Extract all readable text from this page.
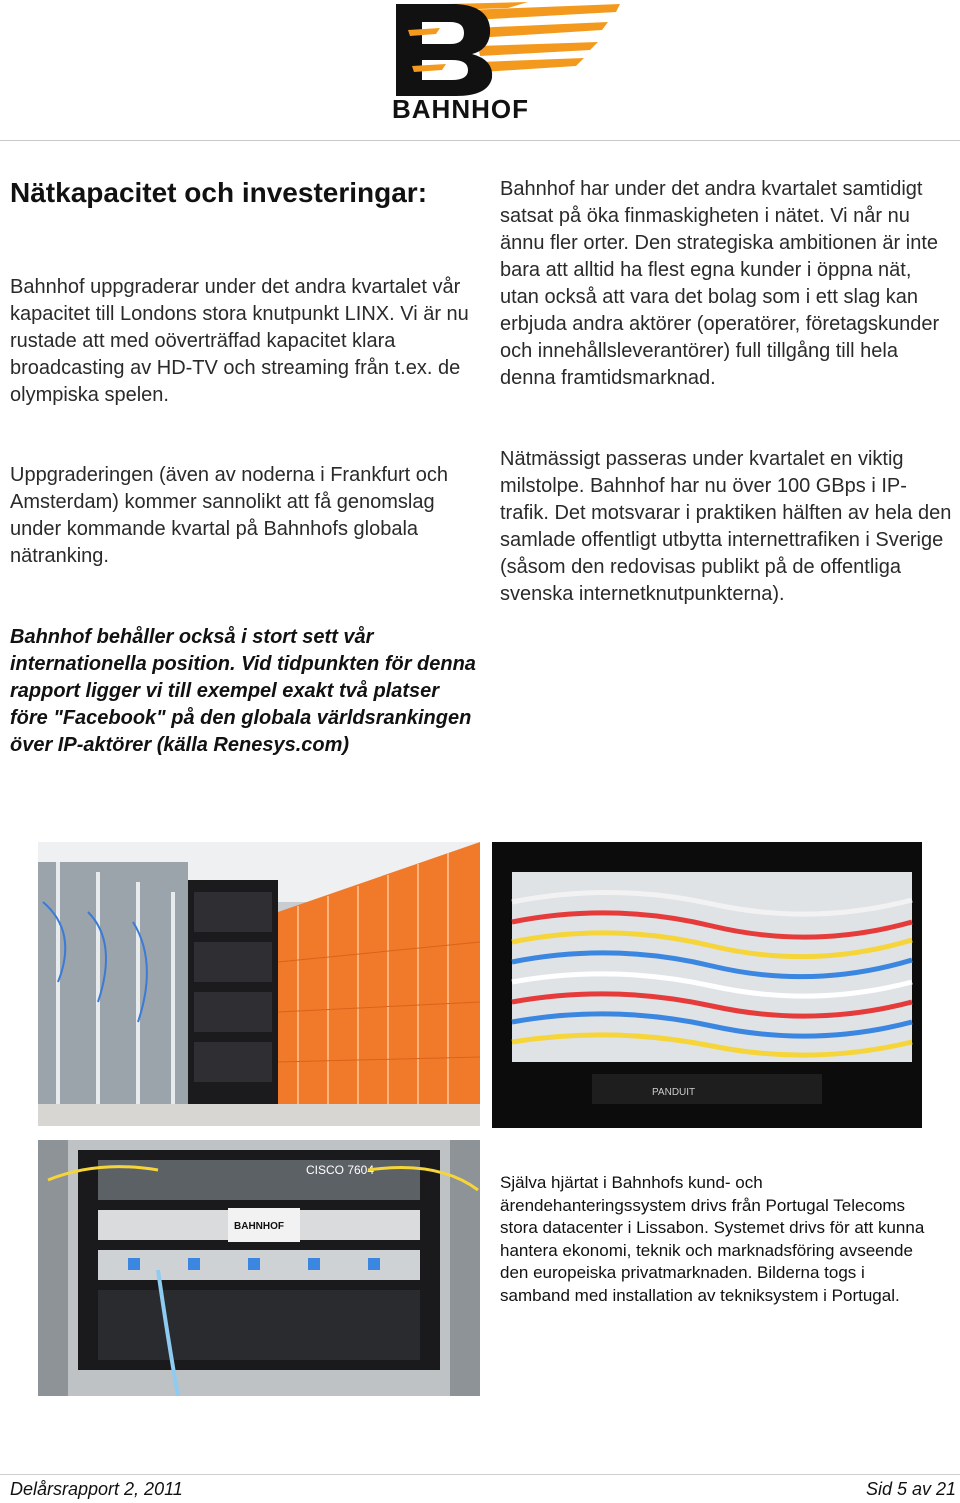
BAHNHOF
Nätkapacitet och investeringar:

Bahnhof uppgraderar under det andra kvartalet vår kapacitet till Londons stora knutpunkt LINX. Vi är nu rustade att med oöverträffad kapacitet klara broadcasting av HD-TV och streaming från t.ex. de olympiska spelen.

Uppgraderingen (även av noderna i Frankfurt och Amsterdam) kommer sannolikt att få genomslag under kommande kvartal på Bahnhofs globala nätranking.

Bahnhof behåller också i stort sett vår internationella position. Vid tidpunkten för denna rapport ligger vi till exempel exakt två platser före "Facebook" på den globala världsrankingen över IP-aktörer (källa Renesys.com)

Bahnhof har under det andra kvartalet samtidigt satsat på öka finmaskigheten i nätet. Vi når nu ännu fler orter. Den strategiska ambitionen är inte bara att alltid ha flest egna kunder i öppna nät, utan också att vara det bolag som i ett slag kan erbjuda andra aktörer (operatörer, företagskunder och innehållsleverantörer) full tillgång till hela denna framtidsmarknad.

Nätmässigt passeras under kvartalet en viktig milstolpe. Bahnhof har nu över 100 GBps i IP-trafik. Det motsvarar i praktiken hälften av hela den samlade offentligt utbytta internettrafiken i Sverige (såsom den redovisas publikt på de offentliga svenska internetknutpunkterna).

PANDUIT
BAHNHOF
CISCO 7604

Själva hjärtat i Bahnhofs kund- och ärendehanteringssystem drivs från Portugal Telecoms stora datacenter i Lissabon. Systemet drivs för att kunna hantera ekonomi, teknik och marknadsföring avseende den europeiska privatmarknaden. Bilderna togs i samband med installation av tekniksystem i Portugal.

Delårsrapport 2, 2011	Sid 5 av 21
